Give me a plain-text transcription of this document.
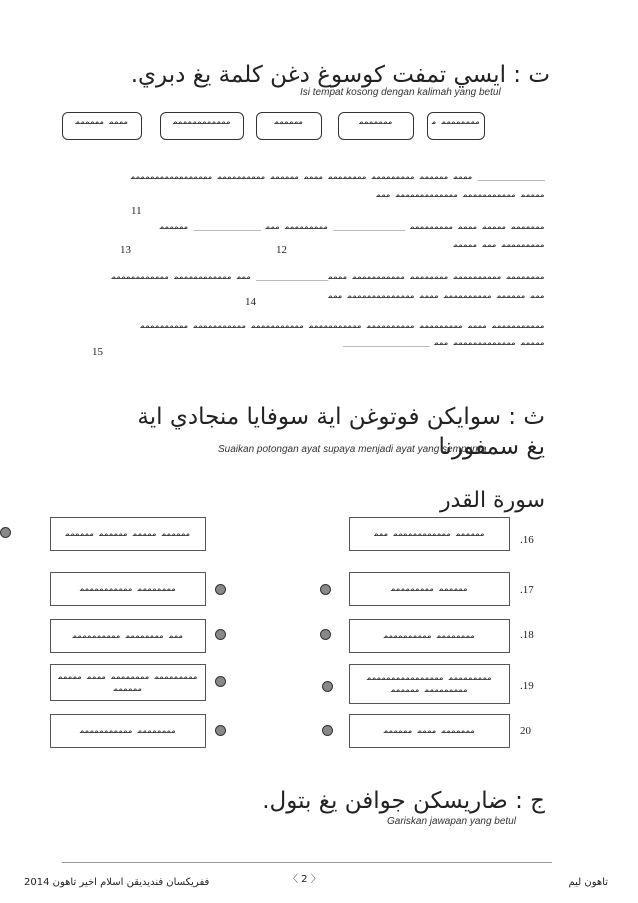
ت : ايسي تمفت كوسوغ دغن كلمة يغ دبري.
Isi tempat kosong dengan kalimah yang betul
ﻣﻤﻤﻤ ﻣﻤﻤﻤﻤﻤ	ﻣﻤﻤﻤﻤﻤﻤﻤﻤﻤﻤﻤ	ﻣﻤﻤﻤﻤﻤ	ﻣﻤﻤﻤﻤﻤﻤ	ﻣﻤﻤﻤﻤﻤﻤﻤ ﻣ
ﻣﻤﻤﻤ ﻣﻤﻤﻤﻤﻤ ﻣﻤﻤﻤﻤﻤﻤﻤﻤ ﻣﻤﻤﻤﻤﻤﻤﻤ ﻣﻤﻤﻤ ﻣﻤﻤﻤﻤﻤ ﻣﻤﻤﻤﻤﻤﻤﻤﻤﻤ ﻣﻤﻤﻤﻤﻤﻤﻤﻤﻤﻤﻤﻤﻤﻤﻤﻤ ______________
ﻣﻤﻤﻤﻤ ﻣﻤﻤﻤﻤﻤﻤﻤﻤﻤﻤ ﻣﻤﻤﻤﻤﻤﻤﻤﻤﻤﻤﻤﻤ ﻣﻤﻤ
11
ﻣﻤﻤﻤﻤﻤﻤ ﻣﻤﻤﻤﻤ ﻣﻤﻤﻤ ﻣﻤﻤﻤﻤﻤﻤﻤﻤ _______________ ﻣﻤﻤﻤﻤﻤﻤﻤﻤ ﻣﻤﻤ ______________ ﻣﻤﻤﻤﻤﻤ
ﻣﻤﻤﻤﻤﻤﻤﻤﻤ ﻣﻤﻤ ﻣﻤﻤﻤﻤ
13	12
ﻣﻤﻤﻤﻤﻤﻤﻤ ﻣﻤﻤﻤﻤﻤﻤﻤﻤﻤ ﻣﻤﻤﻤﻤﻤﻤﻤ ﻣﻤﻤﻤﻤﻤﻤﻤﻤﻤﻤ ﻣﻤﻤﻤ_______________ ﻣﻤﻤ ﻣﻤﻤﻤﻤﻤﻤﻤﻤﻤﻤﻤ ﻣﻤﻤﻤﻤﻤﻤﻤﻤﻤﻤﻤ
ﻣﻤﻤ ﻣﻤﻤﻤﻤﻤ ﻣﻤﻤﻤﻤﻤﻤﻤﻤﻤ ﻣﻤﻤﻤ ﻣﻤﻤﻤﻤﻤﻤﻤﻤﻤﻤﻤﻤﻤ ﻣﻤﻤ
14
ﻣﻤﻤﻤﻤﻤﻤﻤﻤﻤﻤ ﻣﻤﻤﻤ ﻣﻤﻤﻤﻤﻤﻤﻤﻤ ﻣﻤﻤﻤﻤﻤﻤﻤﻤﻤ ﻣﻤﻤﻤﻤﻤﻤﻤﻤﻤﻤ ﻣﻤﻤﻤﻤﻤﻤﻤﻤﻤﻤ ﻣﻤﻤﻤﻤﻤﻤﻤﻤﻤﻤ ﻣﻤﻤﻤﻤﻤﻤﻤﻤﻤ
__________________ ﻣﻤﻤﻤﻤ ﻣﻤﻤﻤﻤﻤﻤﻤﻤﻤﻤﻤﻤ ﻣﻤﻤ
15
ث : سوايكن فوتوغن اية سوفايا منجادي اية يغ سمفورنا
Suaikan potongan ayat supaya menjadi ayat yang sempurna
سورة القدر
ﻣﻤﻤﻤﻤﻤ ﻣﻤﻤﻤﻤ ﻣﻤﻤﻤﻤﻤ ﻣﻤﻤﻤﻤﻤ	ﻣﻤﻤﻤﻤﻤ ﻣﻤﻤﻤﻤﻤﻤﻤﻤﻤﻤﻤ ﻣﻤﻤ
.16
ﻣﻤﻤﻤﻤﻤﻤﻤ ﻣﻤﻤﻤﻤﻤﻤﻤﻤﻤﻤ	ﻣﻤﻤﻤﻤﻤ ﻣﻤﻤﻤﻤﻤﻤﻤﻤ	.17
ﻣﻤﻤ ﻣﻤﻤﻤﻤﻤﻤﻤ ﻣﻤﻤﻤﻤﻤﻤﻤﻤﻤ	ﻣﻤﻤﻤﻤﻤﻤﻤ ﻣﻤﻤﻤﻤﻤﻤﻤﻤﻤ	.18
ﻣﻤﻤﻤﻤﻤﻤﻤﻤ ﻣﻤﻤﻤﻤﻤﻤﻤ ﻣﻤﻤﻤ ﻣﻤﻤﻤﻤ ﻣﻤﻤﻤﻤﻤ
ﻣﻤﻤﻤﻤﻤﻤﻤﻤ ﻣﻤﻤﻤﻤﻤﻤﻤﻤﻤﻤﻤﻤﻤﻤﻤ ﻣﻤﻤﻤﻤﻤﻤﻤﻤ ﻣﻤﻤﻤﻤﻤ	.19
ﻣﻤﻤﻤﻤﻤﻤﻤ ﻣﻤﻤﻤﻤﻤﻤﻤﻤﻤﻤ	ﻣﻤﻤﻤﻤﻤﻤ ﻣﻤﻤﻤ ﻣﻤﻤﻤﻤﻤ	20
ج : ضاريسكن جوافن يغ بتول.
Gariskan jawapan yang betul
ففريكسان فنديديقن اسلام اخير تاهون 2014	〈 2 〉	تاهون ليم
